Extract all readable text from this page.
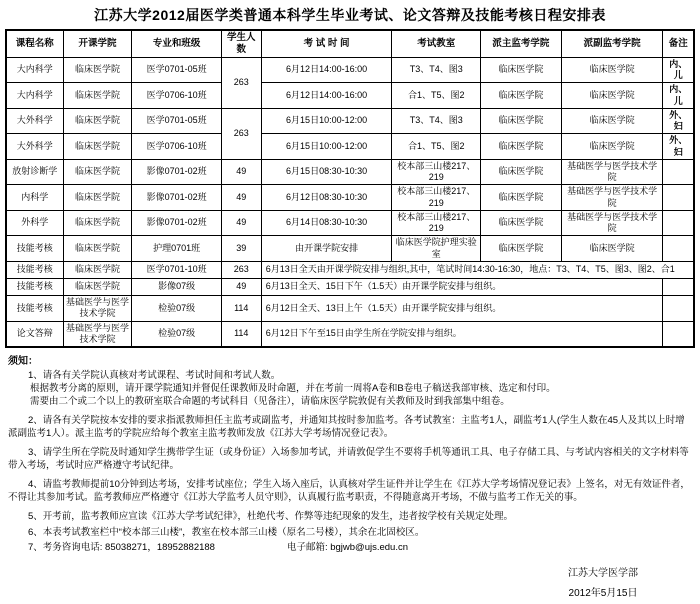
江苏大学2012届医学类普通本科学生毕业考试、论文答辩及技能考核日程安排表
课程名称	开课学院	专业和班级	学生人数	考 试 时 间	考试教室	派主监考学院	派副监考学院	备注
大内科学	临床医学院	医学0701-05班	263	6月12日14:00-16:00	T3、T4、图3	临床医学院	临床医学院	内、儿
大内科学	临床医学院	医学0706-10班		6月12日14:00-16:00	合1、T5、图2	临床医学院	临床医学院	内、儿
大外科学	临床医学院	医学0701-05班	263	6月15日10:00-12:00	T3、T4、图3	临床医学院	临床医学院	外、妇
大外科学	临床医学院	医学0706-10班		6月15日10:00-12:00	合1、T5、图2	临床医学院	临床医学院	外、妇
放射诊断学	临床医学院	影像0701-02班	49	6月15日08:30-10:30	校本部三山楼217、219	临床医学院	基础医学与医学技术学院	
内科学	临床医学院	影像0701-02班	49	6月12日08:30-10:30	校本部三山楼217、219	临床医学院	基础医学与医学技术学院	
外科学	临床医学院	影像0701-02班	49	6月14日08:30-10:30	校本部三山楼217、219	临床医学院	基础医学与医学技术学院	
技能考核	临床医学院	护理0701班	39	由开课学院安排	临床医学院护理实验室	临床医学院	临床医学院	
技能考核	临床医学院	医学0701-10班	263	6月13日全天由开课学院安排与组织,其中，笔试时间14:30-16:30，地点：T3、T4、T5、图3、图2、合1				
技能考核	临床医学院	影像07级	49	6月13日全天、15日下午（1.5天）由开课学院安排与组织。				
技能考核	基础医学与医学技术学院	检验07级	114	6月12日全天、13日上午（1.5天）由开课学院安排与组织。				
论文答辩	基础医学与医学技术学院	检验07级	114	6月12日下午至15日由学生所在学院安排与组织。				

须知：

1、请各有关学院认真核对考试课程、考试时间和考试人数。

根据教考分离的原则，请开课学院通知并督促任课教师及时命题，并在考前一周将A卷和B卷电子稿送我部审核、选定和付印。

需要由二个或二个以上的教研室联合命题的考试科目（见备注），请临床医学院敦促有关教师及时到我部集中组卷。

2、请各有关学院按本安排的要求指派教师担任主监考或副监考，并通知其按时参加监考。各考试教室：主监考1人，副监考1人(学生人数在45人及其以上时增派副监考1人）。派主监考的学院应给每个教室主监考教师发放《江苏大学考场情况登记表》。

3、请学生所在学院及时通知学生携带学生证（或身份证）入场参加考试，并请敦促学生不要将手机等通讯工具、电子存储工具、与考试内容相关的文字材料等带入考场，考试时应严格遵守考试纪律。

4、请监考教师提前10分钟到达考场，安排考试座位；学生入场入座后，认真核对学生证件并让学生在《江苏大学考场情况登记表》上签名，对无有效证件者，不得让其参加考试。监考教师应严格遵守《江苏大学监考人员守则》，认真履行监考职责，不得随意离开考场，不做与监考工作无关的事。

5、开考前，监考教师应宣读《江苏大学考试纪律》，杜绝代考、作弊等违纪现象的发生，违者按学校有关规定处理。

6、本表考试教室栏中“校本部三山楼”，教室在校本部三山楼（原名二号楼），其余在北固校区。

7、考务咨询电话: 85038271，18952882188	电子邮箱: bgjwb@ujs.edu.cn

江苏大学医学部
2012年5月15日
